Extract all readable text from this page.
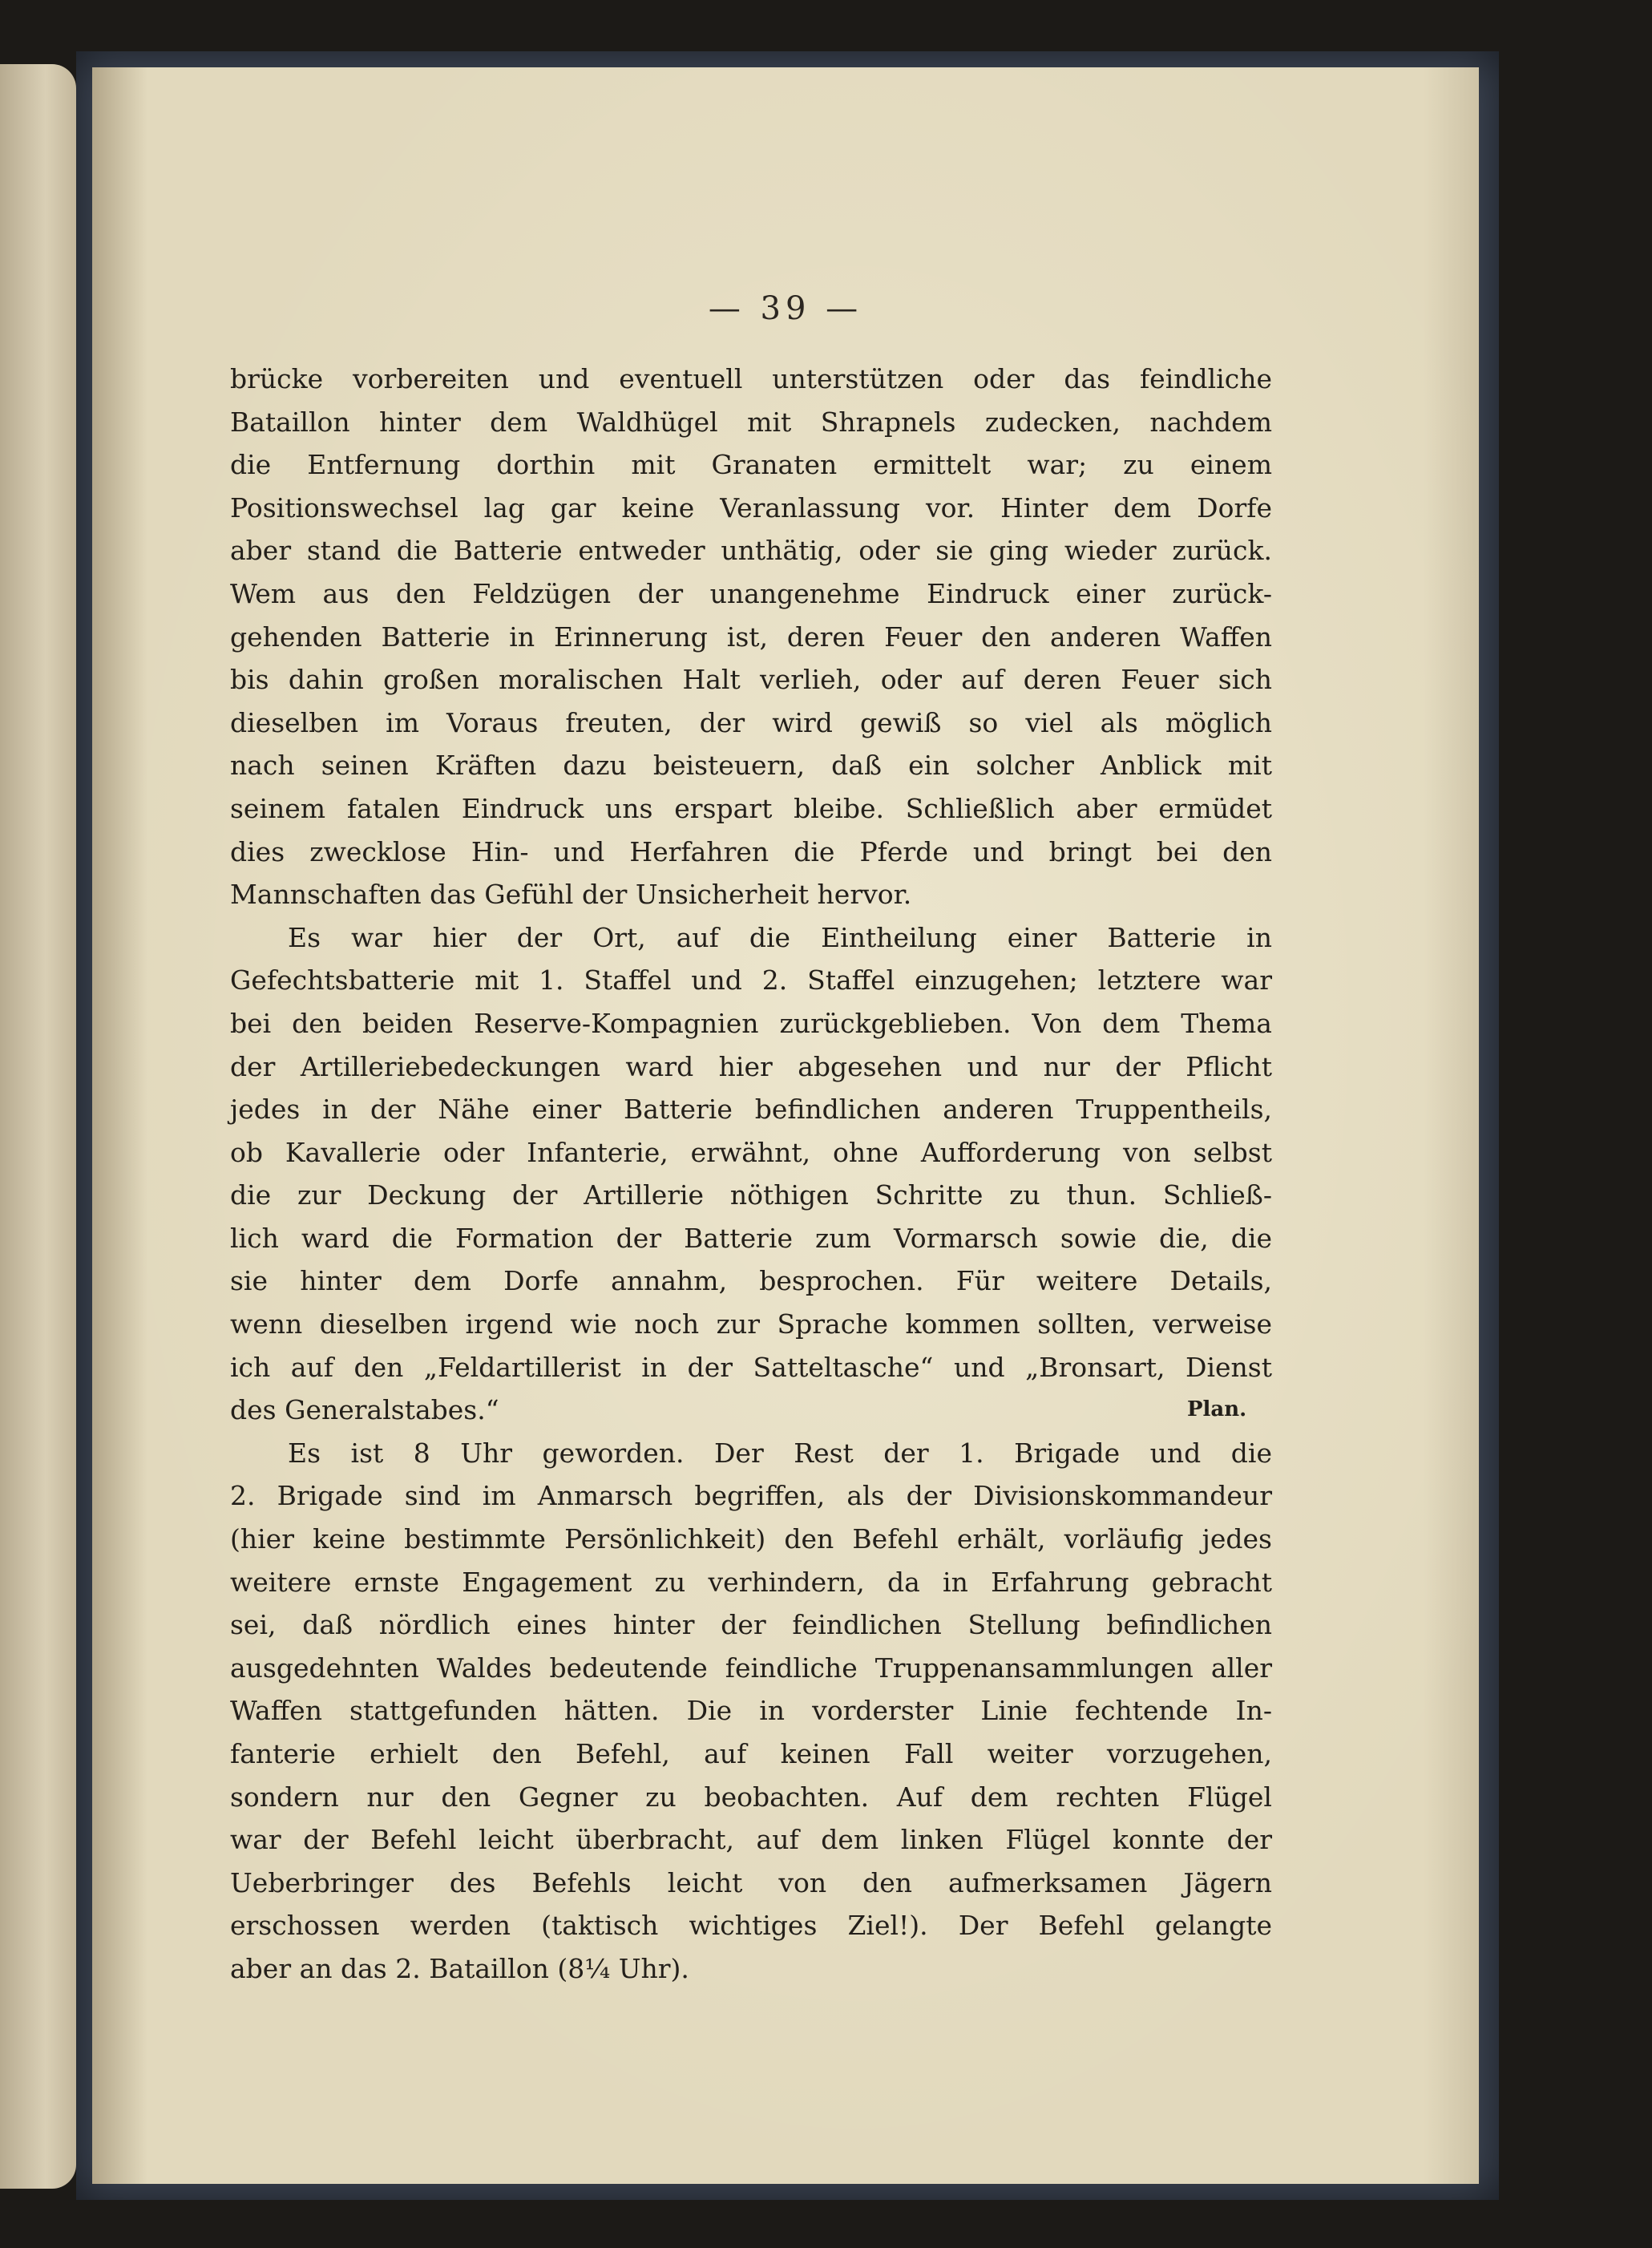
— 39 —
brücke vorbereiten und eventuell unterstützen oder das feindliche
Bataillon hinter dem Waldhügel mit Shrapnels zudecken, nachdem
die Entfernung dorthin mit Granaten ermittelt war; zu einem
Positionswechsel lag gar keine Veranlassung vor. Hinter dem Dorfe
aber stand die Batterie entweder unthätig, oder sie ging wieder zurück.
Wem aus den Feldzügen der unangenehme Eindruck einer zurück-
gehenden Batterie in Erinnerung ist, deren Feuer den anderen Waffen
bis dahin großen moralischen Halt verlieh, oder auf deren Feuer sich
dieselben im Voraus freuten, der wird gewiß so viel als möglich
nach seinen Kräften dazu beisteuern, daß ein solcher Anblick mit
seinem fatalen Eindruck uns erspart bleibe. Schließlich aber ermüdet
dies zwecklose Hin- und Herfahren die Pferde und bringt bei den
Mannschaften das Gefühl der Unsicherheit hervor.
Es war hier der Ort, auf die Eintheilung einer Batterie in
Gefechtsbatterie mit 1. Staffel und 2. Staffel einzugehen; letztere war
bei den beiden Reserve-Kompagnien zurückgeblieben. Von dem Thema
der Artilleriebedeckungen ward hier abgesehen und nur der Pflicht
jedes in der Nähe einer Batterie befindlichen anderen Truppentheils,
ob Kavallerie oder Infanterie, erwähnt, ohne Aufforderung von selbst
die zur Deckung der Artillerie nöthigen Schritte zu thun. Schließ-
lich ward die Formation der Batterie zum Vormarsch sowie die, die
sie hinter dem Dorfe annahm, besprochen. Für weitere Details,
wenn dieselben irgend wie noch zur Sprache kommen sollten, verweise
ich auf den „Feldartillerist in der Satteltasche“ und „Bronsart, Dienst
des Generalstabes.“
Es ist 8 Uhr geworden. Der Rest der 1. Brigade und die
2. Brigade sind im Anmarsch begriffen, als der Divisionskommandeur
(hier keine bestimmte Persönlichkeit) den Befehl erhält, vorläufig jedes
weitere ernste Engagement zu verhindern, da in Erfahrung gebracht
sei, daß nördlich eines hinter der feindlichen Stellung befindlichen
ausgedehnten Waldes bedeutende feindliche Truppenansammlungen aller
Waffen stattgefunden hätten. Die in vorderster Linie fechtende In-
fanterie erhielt den Befehl, auf keinen Fall weiter vorzugehen,
sondern nur den Gegner zu beobachten. Auf dem rechten Flügel
war der Befehl leicht überbracht, auf dem linken Flügel konnte der
Ueberbringer des Befehls leicht von den aufmerksamen Jägern
erschossen werden (taktisch wichtiges Ziel!). Der Befehl gelangte
aber an das 2. Bataillon (8¼ Uhr).
Plan.
